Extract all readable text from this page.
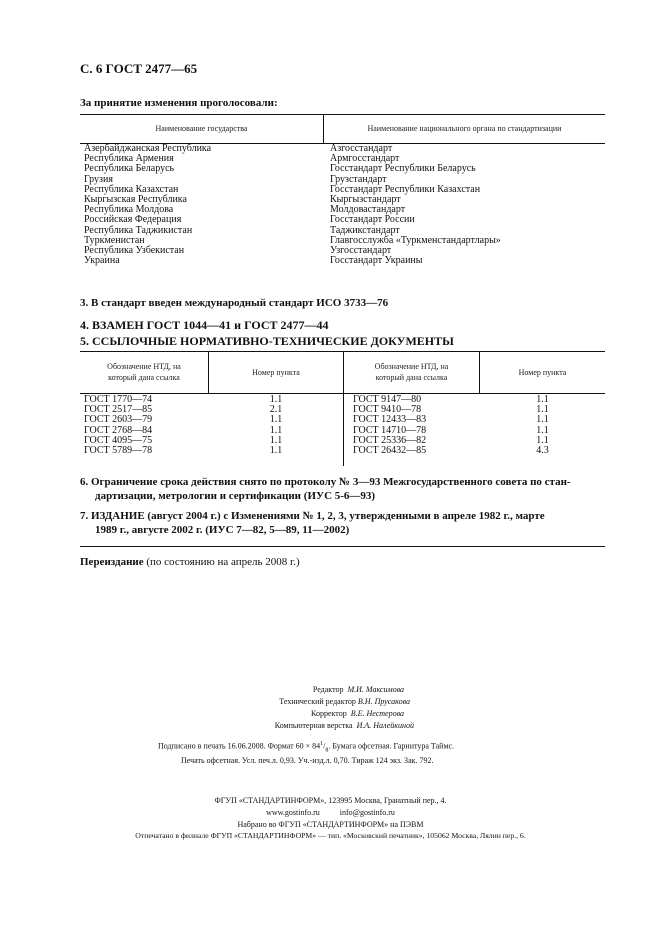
С. 6 ГОСТ 2477—65
За принятие изменения проголосовали:
Наименование государства	Наименование национального органа по стандартизации
Азербайджанская Республика
Республика Армения
Республика Беларусь
Грузия
Республика Казахстан
Кыргызская Республика
Республика Молдова
Российская Федерация
Республика Таджикистан
Туркменистан
Республика Узбекистан
Украина
Азгосстандарт
Армгосстандарт
Госстандарт Республики Беларусь
Грузстандарт
Госстандарт Республики Казахстан
Кыргызстандарт
Молдовастандарт
Госстандарт России
Таджикстандарт
Главгосслужба «Туркменстандартлары»
Узгосстандарт
Госстандарт Украины
3. В стандарт введен международный стандарт ИСО 3733—76
4. ВЗАМЕН ГОСТ 1044—41 и ГОСТ 2477—44
5. ССЫЛОЧНЫЕ НОРМАТИВНО-ТЕХНИЧЕСКИЕ ДОКУМЕНТЫ
Обозначение НТД, на
который дана ссылка
Номер пункта
Обозначение НТД, на
который дана ссылка
Номер пункта
ГОСТ 1770—74
ГОСТ 2517—85
ГОСТ 2603—79
ГОСТ 2768—84
ГОСТ 4095—75
ГОСТ 5789—78
1.1
2.1
1.1
1.1
1.1
1.1
ГОСТ 9147—80
ГОСТ 9410—78
ГОСТ 12433—83
ГОСТ 14710—78
ГОСТ 25336—82
ГОСТ 26432—85
1.1
1.1
1.1
1.1
1.1
4.3
6. Ограничение срока действия снято по протоколу № 3—93 Межгосударственного совета по стан-

дартизации, метрологии и сертификации (ИУС 5-6—93)
7. ИЗДАНИЕ (август 2004 г.) с Изменениями № 1, 2, 3, утвержденными в апреле 1982 г., марте

1989 г., августе 2002 г. (ИУС 7—82, 5—89, 11—2002)
Переиздание (по состоянию на апрель 2008 г.)
Редактор М.И. Максимова
Технический редактор В.Н. Прусакова
Корректор В.Е. Нестерова
Компьютерная верстка И.А. Налейкиной
Подписано в печать 16.06.2008. Формат $60 \times 84^1/_8$. Бумага офсетная. Гарнитура Таймс.
Печать офсетная. Усл. печ.л. 0,93. Уч.-изд.л. 0,70. Тираж 124 экз. Зак. 792.
ФГУП «СТАНДАРТИНФОРМ», 123995 Москва, Гранатный пер., 4.
www.gostinfo.ru          info@gostinfo.ru
Набрано во ФГУП «СТАНДАРТИНФОРМ» на ПЭВМ
Отпечатано в филиале ФГУП «СТАНДАРТИНФОРМ» — тип. «Московский печатник», 105062 Москва, Лялин пер., 6.
